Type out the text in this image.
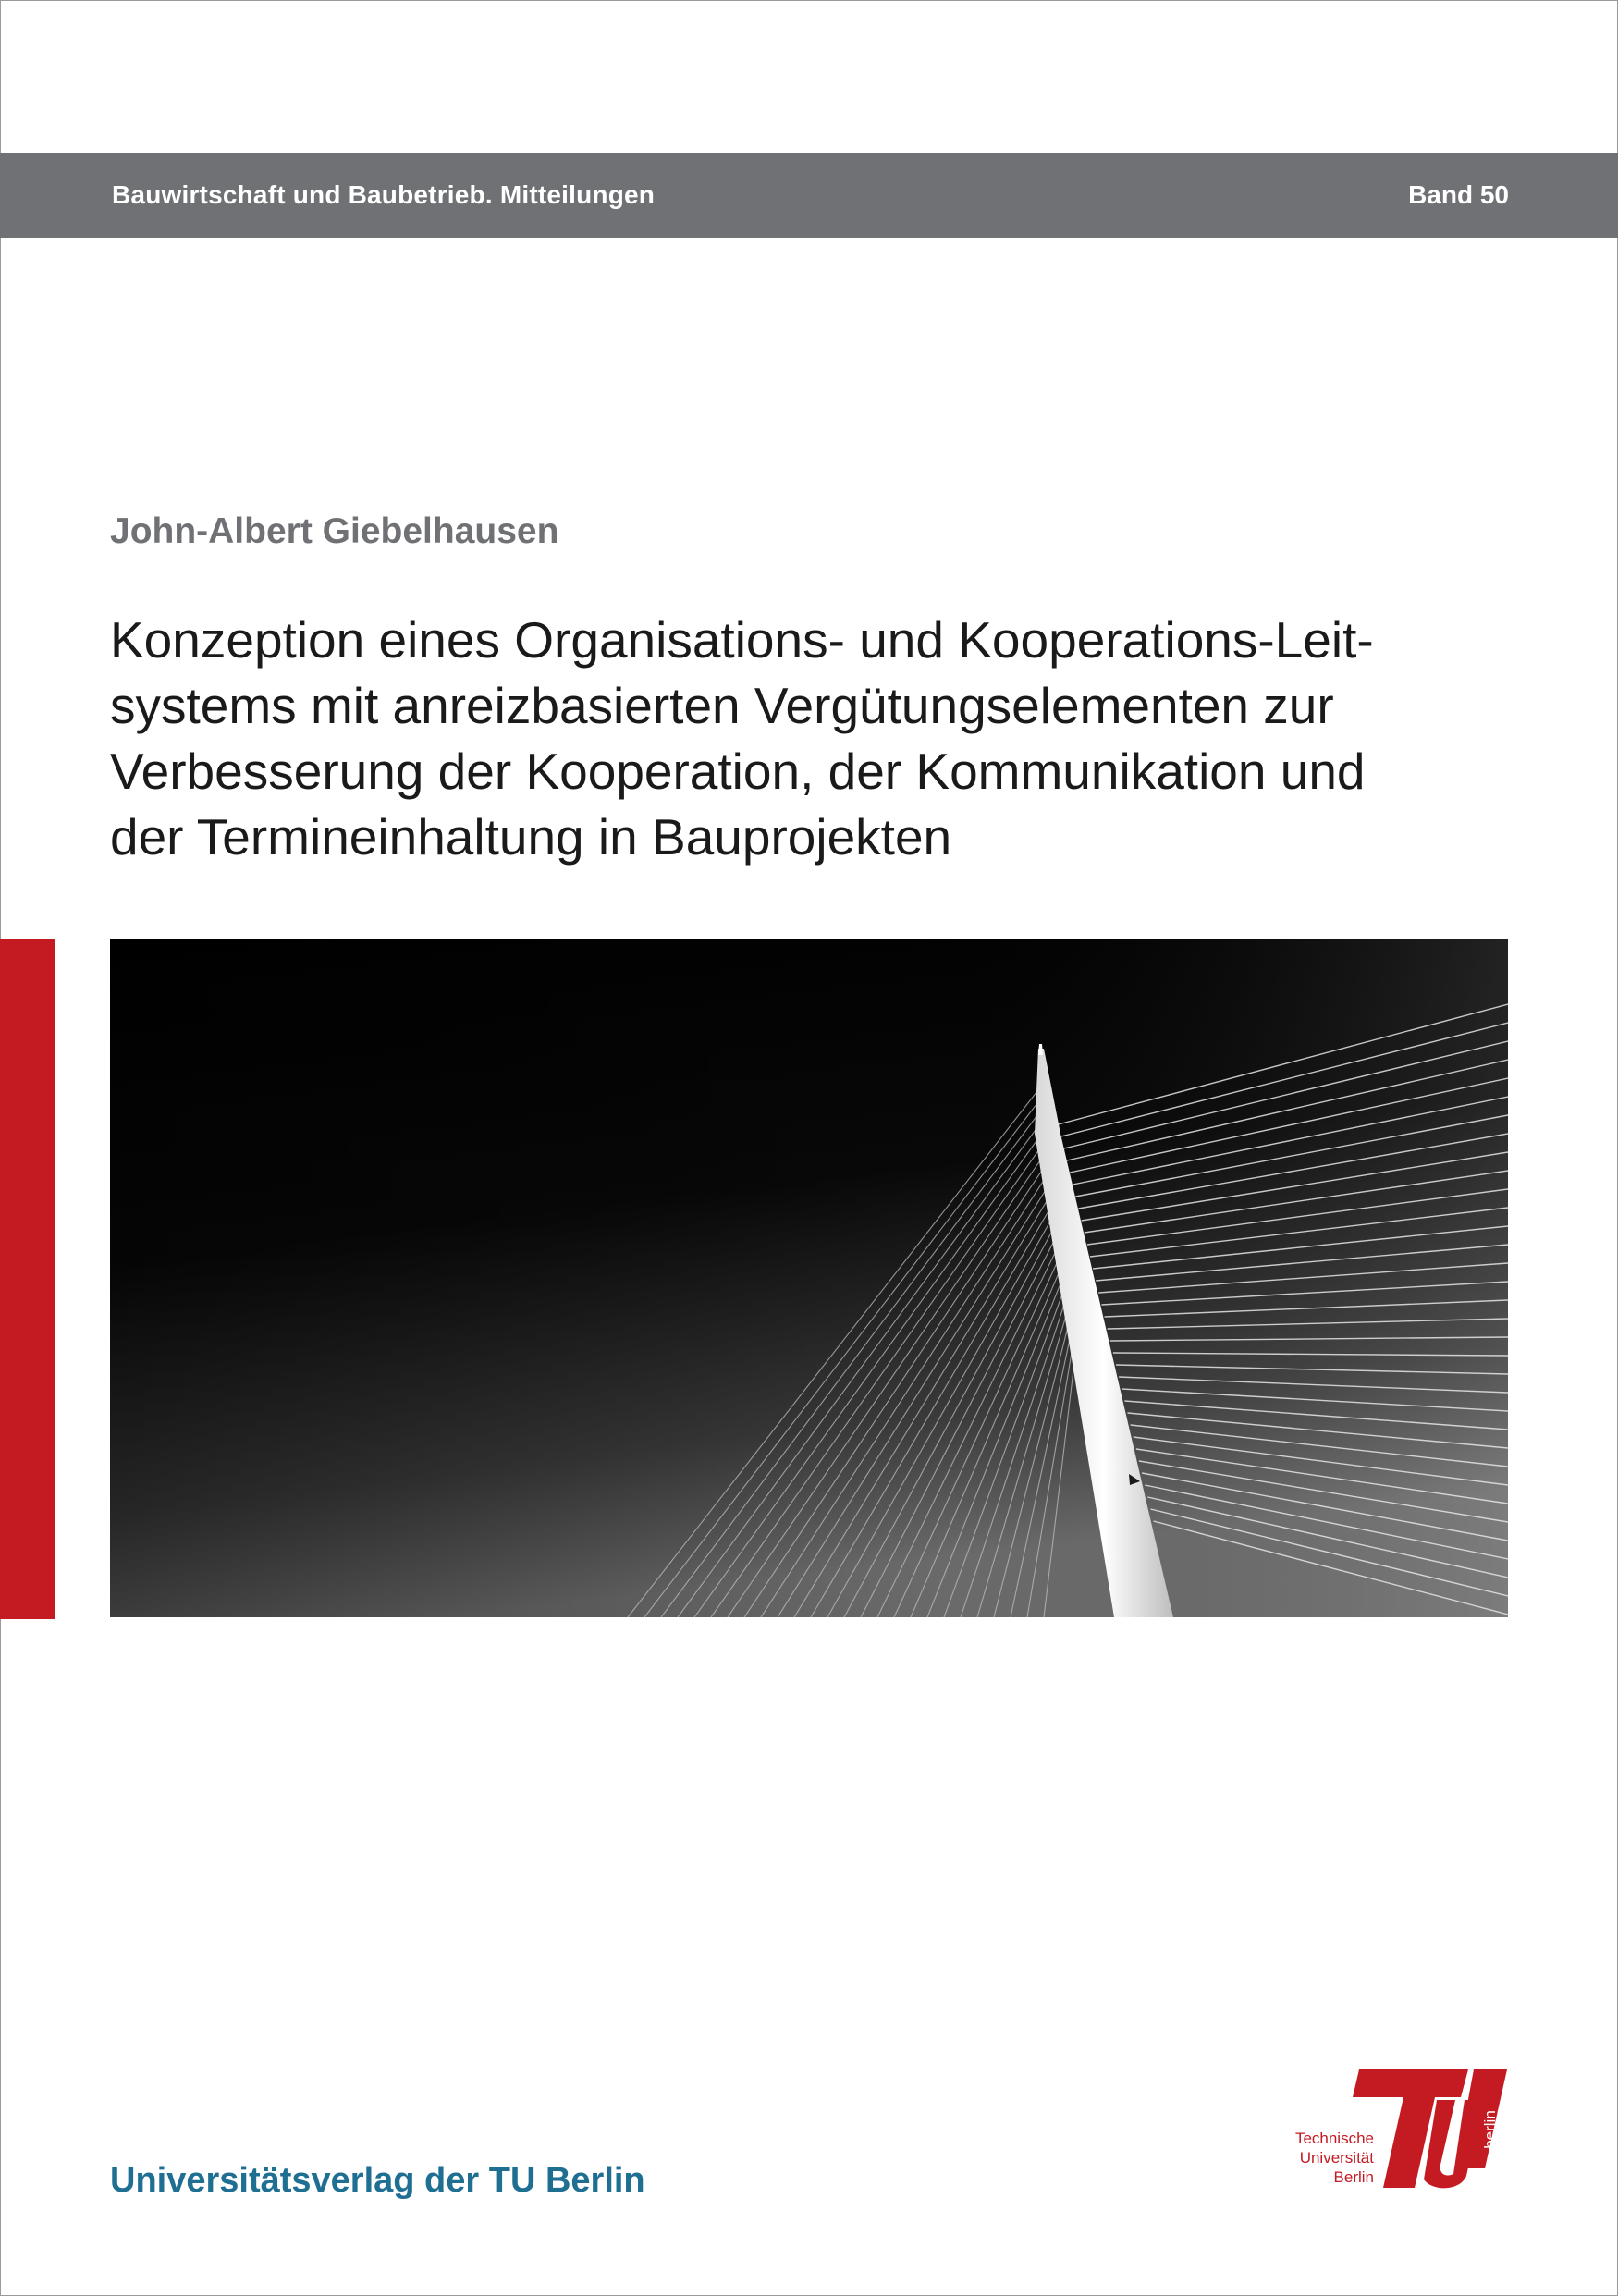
Bauwirtschaft und Baubetrieb. Mitteilungen	Band 50
John-Albert Giebelhausen
Konzeption eines Organisations- und Kooperations-Leit-
systems mit anreizbasierten Vergütungselementen zur
Verbesserung der Kooperation, der Kommunikation und
der Termineinhaltung in Bauprojekten
Universitätsverlag der TU Berlin
berlin
Technische
Universität
Berlin
